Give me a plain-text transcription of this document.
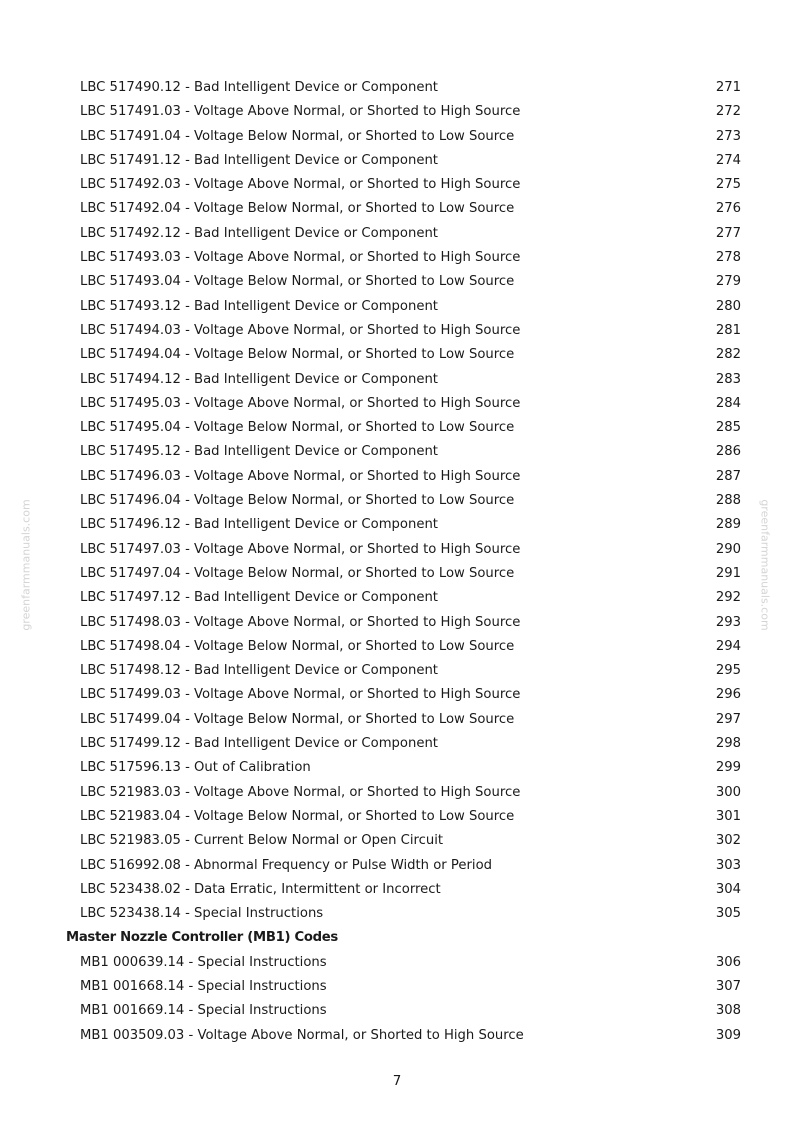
greenfarmmanuals.com	greenfarmmanuals.com
LBC 517490.12 - Bad Intelligent Device or Component	271
LBC 517491.03 - Voltage Above Normal, or Shorted to High Source	272
LBC 517491.04 - Voltage Below Normal, or Shorted to Low Source	273
LBC 517491.12 - Bad Intelligent Device or Component	274
LBC 517492.03 - Voltage Above Normal, or Shorted to High Source	275
LBC 517492.04 - Voltage Below Normal, or Shorted to Low Source	276
LBC 517492.12 - Bad Intelligent Device or Component	277
LBC 517493.03 - Voltage Above Normal, or Shorted to High Source	278
LBC 517493.04 - Voltage Below Normal, or Shorted to Low Source	279
LBC 517493.12 - Bad Intelligent Device or Component	280
LBC 517494.03 - Voltage Above Normal, or Shorted to High Source	281
LBC 517494.04 - Voltage Below Normal, or Shorted to Low Source	282
LBC 517494.12 - Bad Intelligent Device or Component	283
LBC 517495.03 - Voltage Above Normal, or Shorted to High Source	284
LBC 517495.04 - Voltage Below Normal, or Shorted to Low Source	285
LBC 517495.12 - Bad Intelligent Device or Component	286
LBC 517496.03 - Voltage Above Normal, or Shorted to High Source	287
LBC 517496.04 - Voltage Below Normal, or Shorted to Low Source	288
LBC 517496.12 - Bad Intelligent Device or Component	289
LBC 517497.03 - Voltage Above Normal, or Shorted to High Source	290
LBC 517497.04 - Voltage Below Normal, or Shorted to Low Source	291
LBC 517497.12 - Bad Intelligent Device or Component	292
LBC 517498.03 - Voltage Above Normal, or Shorted to High Source	293
LBC 517498.04 - Voltage Below Normal, or Shorted to Low Source	294
LBC 517498.12 - Bad Intelligent Device or Component	295
LBC 517499.03 - Voltage Above Normal, or Shorted to High Source	296
LBC 517499.04 - Voltage Below Normal, or Shorted to Low Source	297
LBC 517499.12 - Bad Intelligent Device or Component	298
LBC 517596.13 - Out of Calibration	299
LBC 521983.03 - Voltage Above Normal, or Shorted to High Source	300
LBC 521983.04 - Voltage Below Normal, or Shorted to Low Source	301
LBC 521983.05 - Current Below Normal or Open Circuit	302
LBC 516992.08 - Abnormal Frequency or Pulse Width or Period	303
LBC 523438.02 - Data Erratic, Intermittent or Incorrect	304
LBC 523438.14 - Special Instructions	305
Master Nozzle Controller (MB1) Codes
MB1 000639.14 - Special Instructions	306
MB1 001668.14 - Special Instructions	307
MB1 001669.14 - Special Instructions	308
MB1 003509.03 - Voltage Above Normal, or Shorted to High Source	309
7
